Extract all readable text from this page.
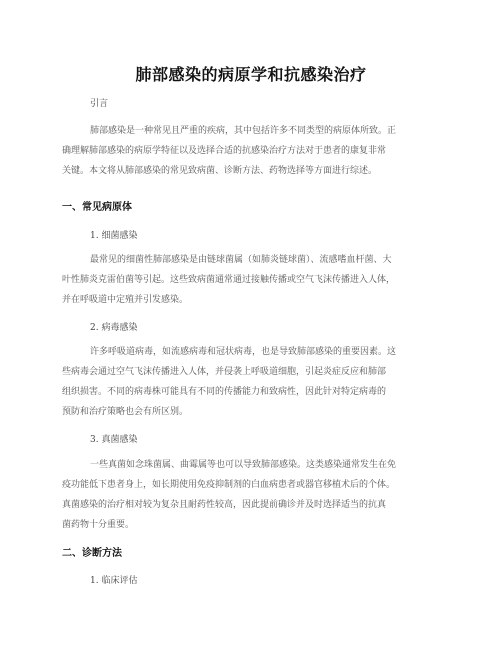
肺部感染的病原学和抗感染治疗
引言
肺部感染是一种常见且严重的疾病，其中包括许多不同类型的病原体所致。正
确理解肺部感染的病原学特征以及选择合适的抗感染治疗方法对于患者的康复非常
关键。本文将从肺部感染的常见致病菌、诊断方法、药物选择等方面进行综述。
一、常见病原体
1. 细菌感染
最常见的细菌性肺部感染是由链球菌属（如肺炎链球菌）、流感嗜血杆菌、大
叶性肺炎克雷伯菌等引起。这些致病菌通常通过接触传播或空气飞沫传播进入人体，
并在呼吸道中定殖并引发感染。
2. 病毒感染
许多呼吸道病毒，如流感病毒和冠状病毒，也是导致肺部感染的重要因素。这
些病毒会通过空气飞沫传播进入人体，并侵袭上呼吸道细胞，引起炎症反应和肺部
组织损害。不同的病毒株可能具有不同的传播能力和致病性，因此针对特定病毒的
预防和治疗策略也会有所区别。
3. 真菌感染
一些真菌如念珠菌属、曲霉属等也可以导致肺部感染。这类感染通常发生在免
疫功能低下患者身上，如长期使用免疫抑制剂的白血病患者或器官移植术后的个体。
真菌感染的治疗相对较为复杂且耐药性较高，因此提前确诊并及时选择适当的抗真
菌药物十分重要。
二、诊断方法
1. 临床评估
